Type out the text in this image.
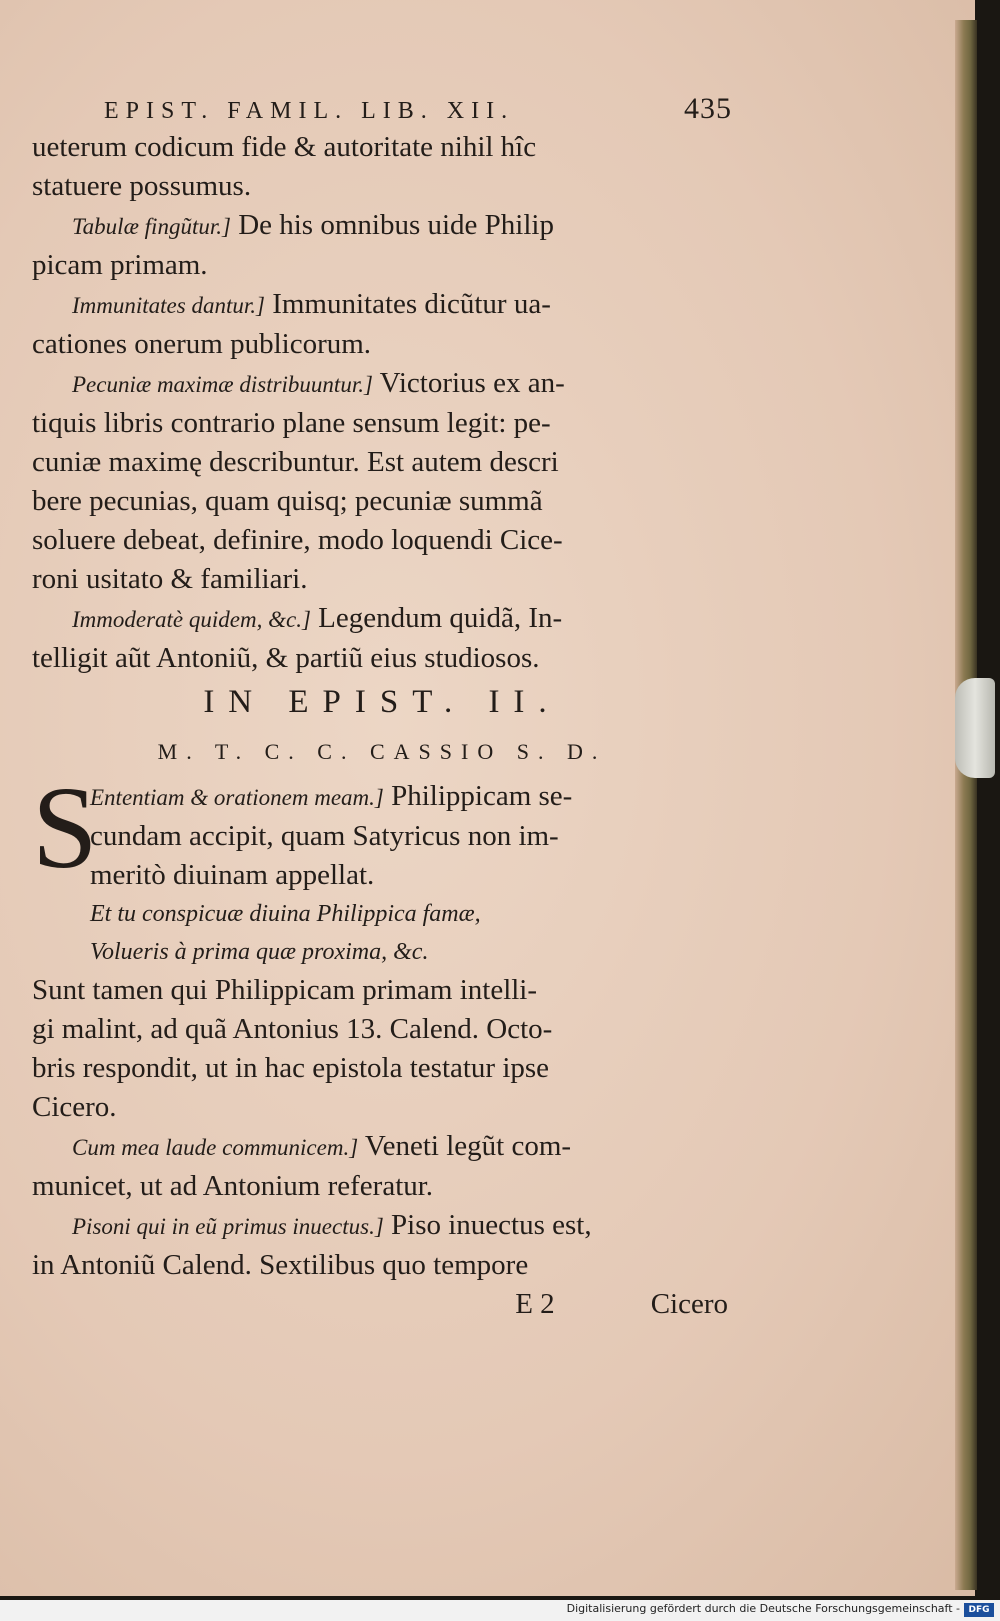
EPIST. FAMIL. LIB. XII.	435
ueterum codicum fide & autoritate nihil hîc
statuere possumus.
Tabulæ fingũtur.] De his omnibus uide Philip
picam primam.
Immunitates dantur.] Immunitates dicũtur ua-
cationes onerum publicorum.
Pecuniæ maximæ distribuuntur.] Victorius ex an-
tiquis libris contrario plane sensum legit: pe-
cuniæ maximę describuntur. Est autem descri
bere pecunias, quam quisq; pecuniæ summã
soluere debeat, definire, modo loquendi Cice-
roni usitato & familiari.
Immoderatè quidem, &c.] Legendum quidã, In-
telligit aũt Antoniũ, & partiũ eius studiosos.
IN EPIST. II.
M. T. C. C. CASSIO S. D.
S
Ententiam & orationem meam.] Philippicam se-
cundam accipit, quam Satyricus non im-
meritò diuinam appellat.
Et tu conspicuæ diuina Philippica famæ,
Volueris à prima quæ proxima, &c.
Sunt tamen qui Philippicam primam intelli-
gi malint, ad quã Antonius 13. Calend. Octo-
bris respondit, ut in hac epistola testatur ipse
Cicero.
Cum mea laude communicem.] Veneti legũt com-
municet, ut ad Antonium referatur.
Pisoni qui in eũ primus inuectus.] Piso inuectus est,
in Antoniũ Calend. Sextilibus quo tempore
E 2	Cicero
Digitalisierung gefördert durch die Deutsche Forschungsgemeinschaft - DFG
